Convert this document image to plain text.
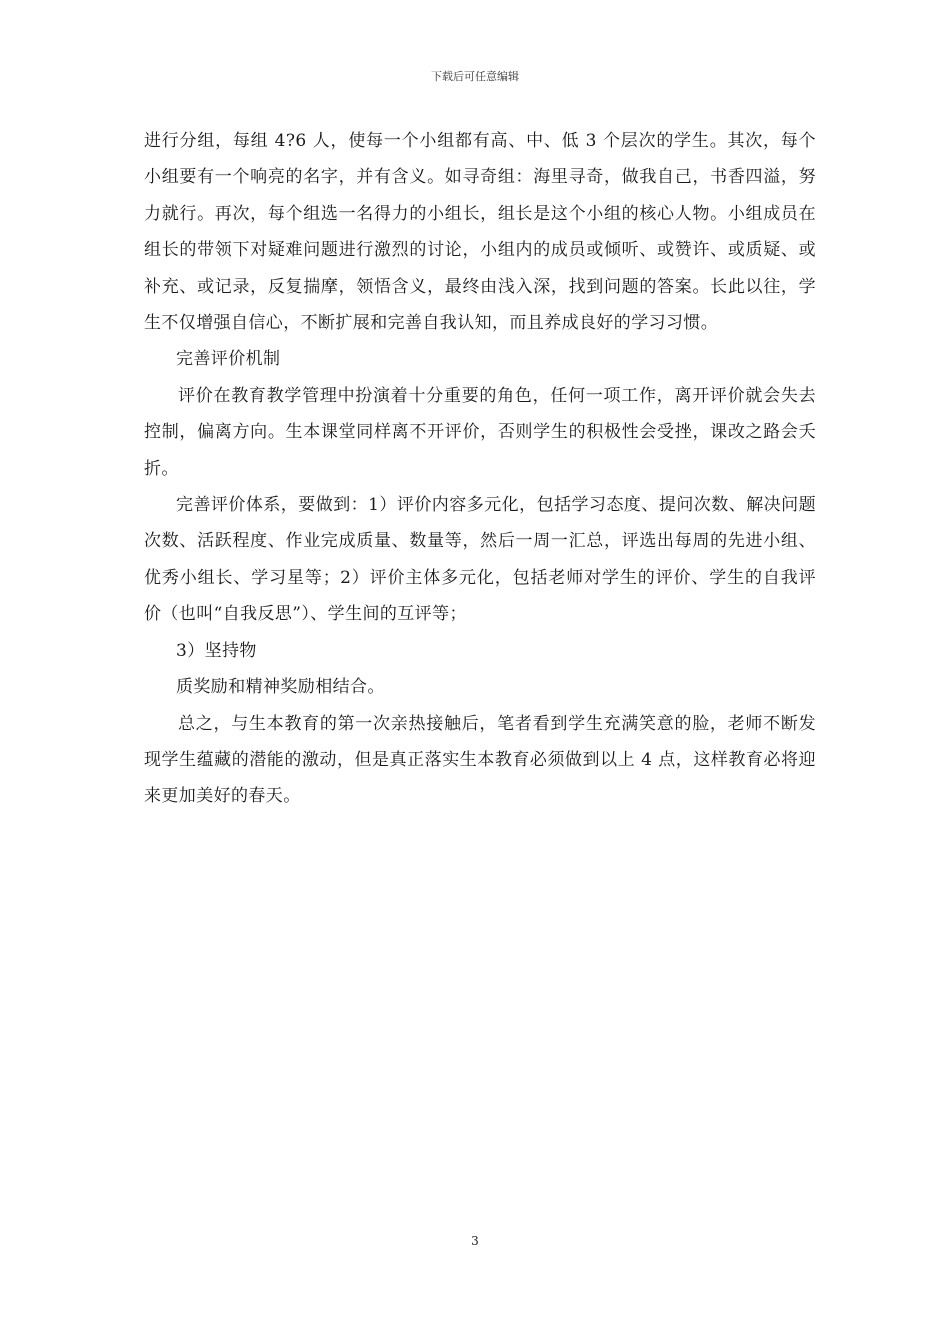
下载后可任意编辑

进行分组，每组 4?6 人，使每一个小组都有高、中、低 3 个层次的学生。其次，每个小组要有一个响亮的名字，并有含义。如寻奇组：海里寻奇，做我自己，书香四溢，努力就行。再次，每个组选一名得力的小组长，组长是这个小组的核心人物。小组成员在组长的带领下对疑难问题进行激烈的讨论，小组内的成员或倾听、或赞许、或质疑、或补充、或记录，反复揣摩，领悟含义，最终由浅入深，找到问题的答案。长此以往，学生不仅增强自信心，不断扩展和完善自我认知，而且养成良好的学习习惯。

完善评价机制

评价在教育教学管理中扮演着十分重要的角色，任何一项工作，离开评价就会失去控制，偏离方向。生本课堂同样离不开评价，否则学生的积极性会受挫，课改之路会夭折。

完善评价体系，要做到：1）评价内容多元化，包括学习态度、提问次数、解决问题次数、活跃程度、作业完成质量、数量等，然后一周一汇总，评选出每周的先进小组、优秀小组长、学习星等；2）评价主体多元化，包括老师对学生的评价、学生的自我评价（也叫“自我反思”）、学生间的互评等；

3）坚持物

质奖励和精神奖励相结合。

总之，与生本教育的第一次亲热接触后，笔者看到学生充满笑意的脸，老师不断发现学生蕴藏的潜能的激动，但是真正落实生本教育必须做到以上 4 点，这样教育必将迎来更加美好的春天。

3
